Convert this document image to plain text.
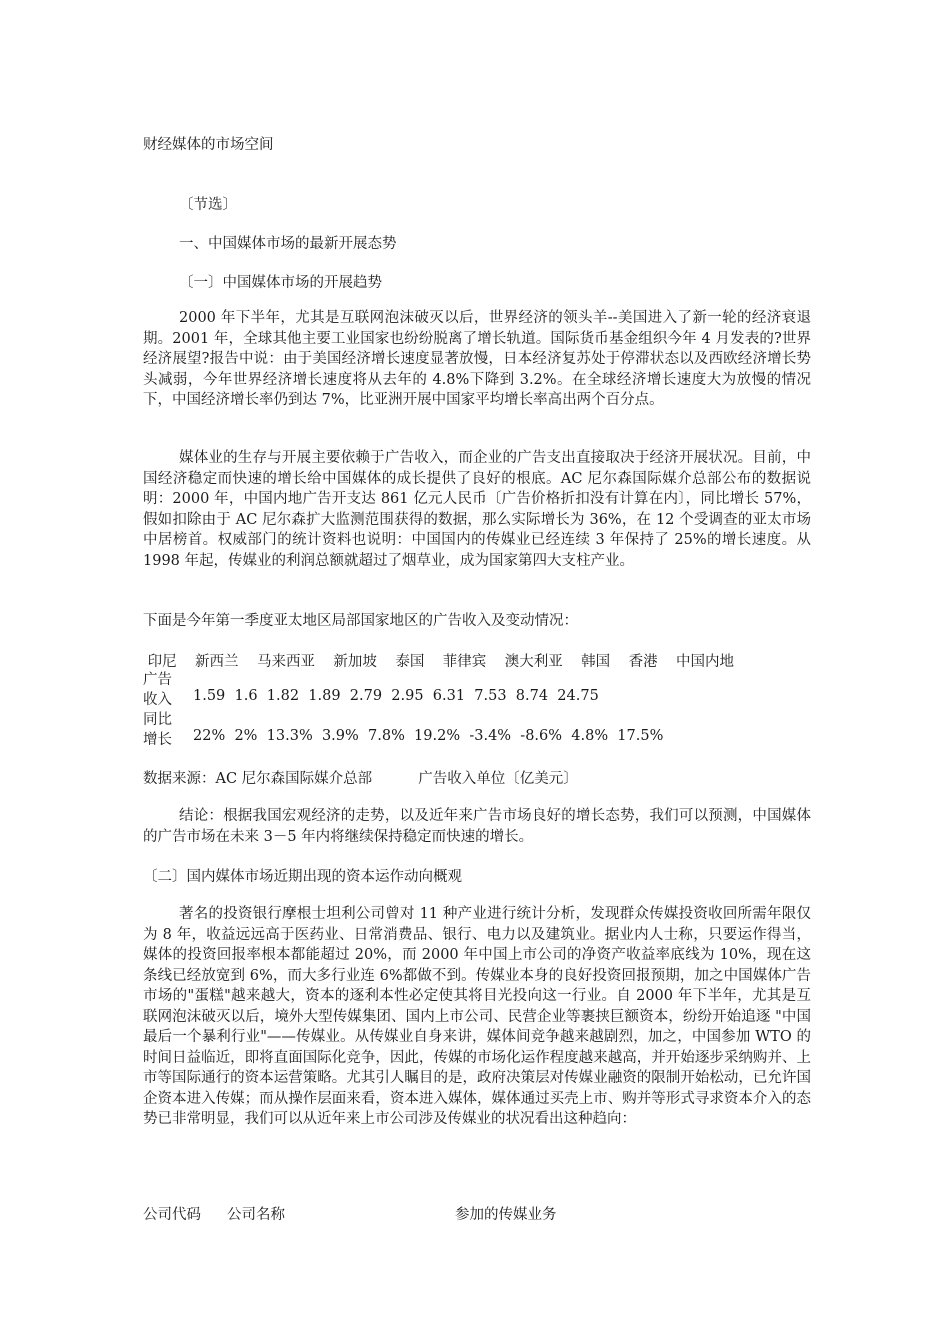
财经媒体的市场空间
〔节选〕
一、中国媒体市场的最新开展态势
〔一〕中国媒体市场的开展趋势
2000 年下半年，尤其是互联网泡沫破灭以后，世界经济的领头羊--美国进入了新一轮的经济衰退期。2001 年，全球其他主要工业国家也纷纷脱离了增长轨道。国际货币基金组织今年 4 月发表的?世界经济展望?报告中说：由于美国经济增长速度显著放慢，日本经济复苏处于停滞状态以及西欧经济增长势头减弱，今年世界经济增长速度将从去年的 4.8%下降到 3.2%。在全球经济增长速度大为放慢的情况下，中国经济增长率仍到达 7%，比亚洲开展中国家平均增长率高出两个百分点。
媒体业的生存与开展主要依赖于广告收入，而企业的广告支出直接取决于经济开展状况。目前，中国经济稳定而快速的增长给中国媒体的成长提供了良好的根底。AC 尼尔森国际媒介总部公布的数据说明：2000 年，中国内地广告开支达 861 亿元人民币〔广告价格折扣没有计算在内〕，同比增长 57%，假如扣除由于 AC 尼尔森扩大监测范围获得的数据，那么实际增长为 36%，在 12 个受调查的亚太市场中居榜首。权威部门的统计资料也说明：中国国内的传媒业已经连续 3 年保持了 25%的增长速度。从 1998 年起，传媒业的利润总额就超过了烟草业，成为国家第四大支柱产业。
下面是今年第一季度亚太地区局部国家地区的广告收入及变动情况：
印尼    新西兰    马来西亚    新加坡    泰国    菲律宾    澳大利亚    韩国    香港    中国内地
广告
收入 1.59  1.6  1.82  1.89  2.79  2.95  6.31  7.53  8.74  24.75
同比
增长 22%  2%  13.3%  3.9%  7.8%  19.2%  -3.4%  -8.6%  4.8%  17.5%
数据来源：AC 尼尔森国际媒介总部          广告收入单位〔亿美元〕
结论：根据我国宏观经济的走势，以及近年来广告市场良好的增长态势，我们可以预测，中国媒体的广告市场在未来 3－5 年内将继续保持稳定而快速的增长。
〔二〕国内媒体市场近期出现的资本运作动向概观
著名的投资银行摩根士坦利公司曾对 11 种产业进行统计分析，发现群众传媒投资收回所需年限仅为 8 年，收益远远高于医药业、日常消费品、银行、电力以及建筑业。据业内人士称，只要运作得当，媒体的投资回报率根本都能超过 20%，而 2000 年中国上市公司的净资产收益率底线为 10%，现在这条线已经放宽到 6%，而大多行业连 6%都做不到。传媒业本身的良好投资回报预期，加之中国媒体广告市场的"蛋糕"越来越大，资本的逐利本性必定使其将目光投向这一行业。自 2000 年下半年，尤其是互联网泡沫破灭以后，境外大型传媒集团、国内上市公司、民营企业等裹挟巨额资本，纷纷开始追逐 "中国最后一个暴利行业"——传媒业。从传媒业自身来讲，媒体间竞争越来越剧烈，加之，中国参加 WTO 的时间日益临近，即将直面国际化竞争，因此，传媒的市场化运作程度越来越高，并开始逐步采纳购并、上市等国际通行的资本运营策略。尤其引人瞩目的是，政府决策层对传媒业融资的限制开始松动，已允许国企资本进入传媒；而从操作层面来看，资本进入媒体，媒体通过买壳上市、购并等形式寻求资本介入的态势已非常明显，我们可以从近年来上市公司涉及传媒业的状况看出这种趋向：
公司代码 公司名称	参加的传媒业务
